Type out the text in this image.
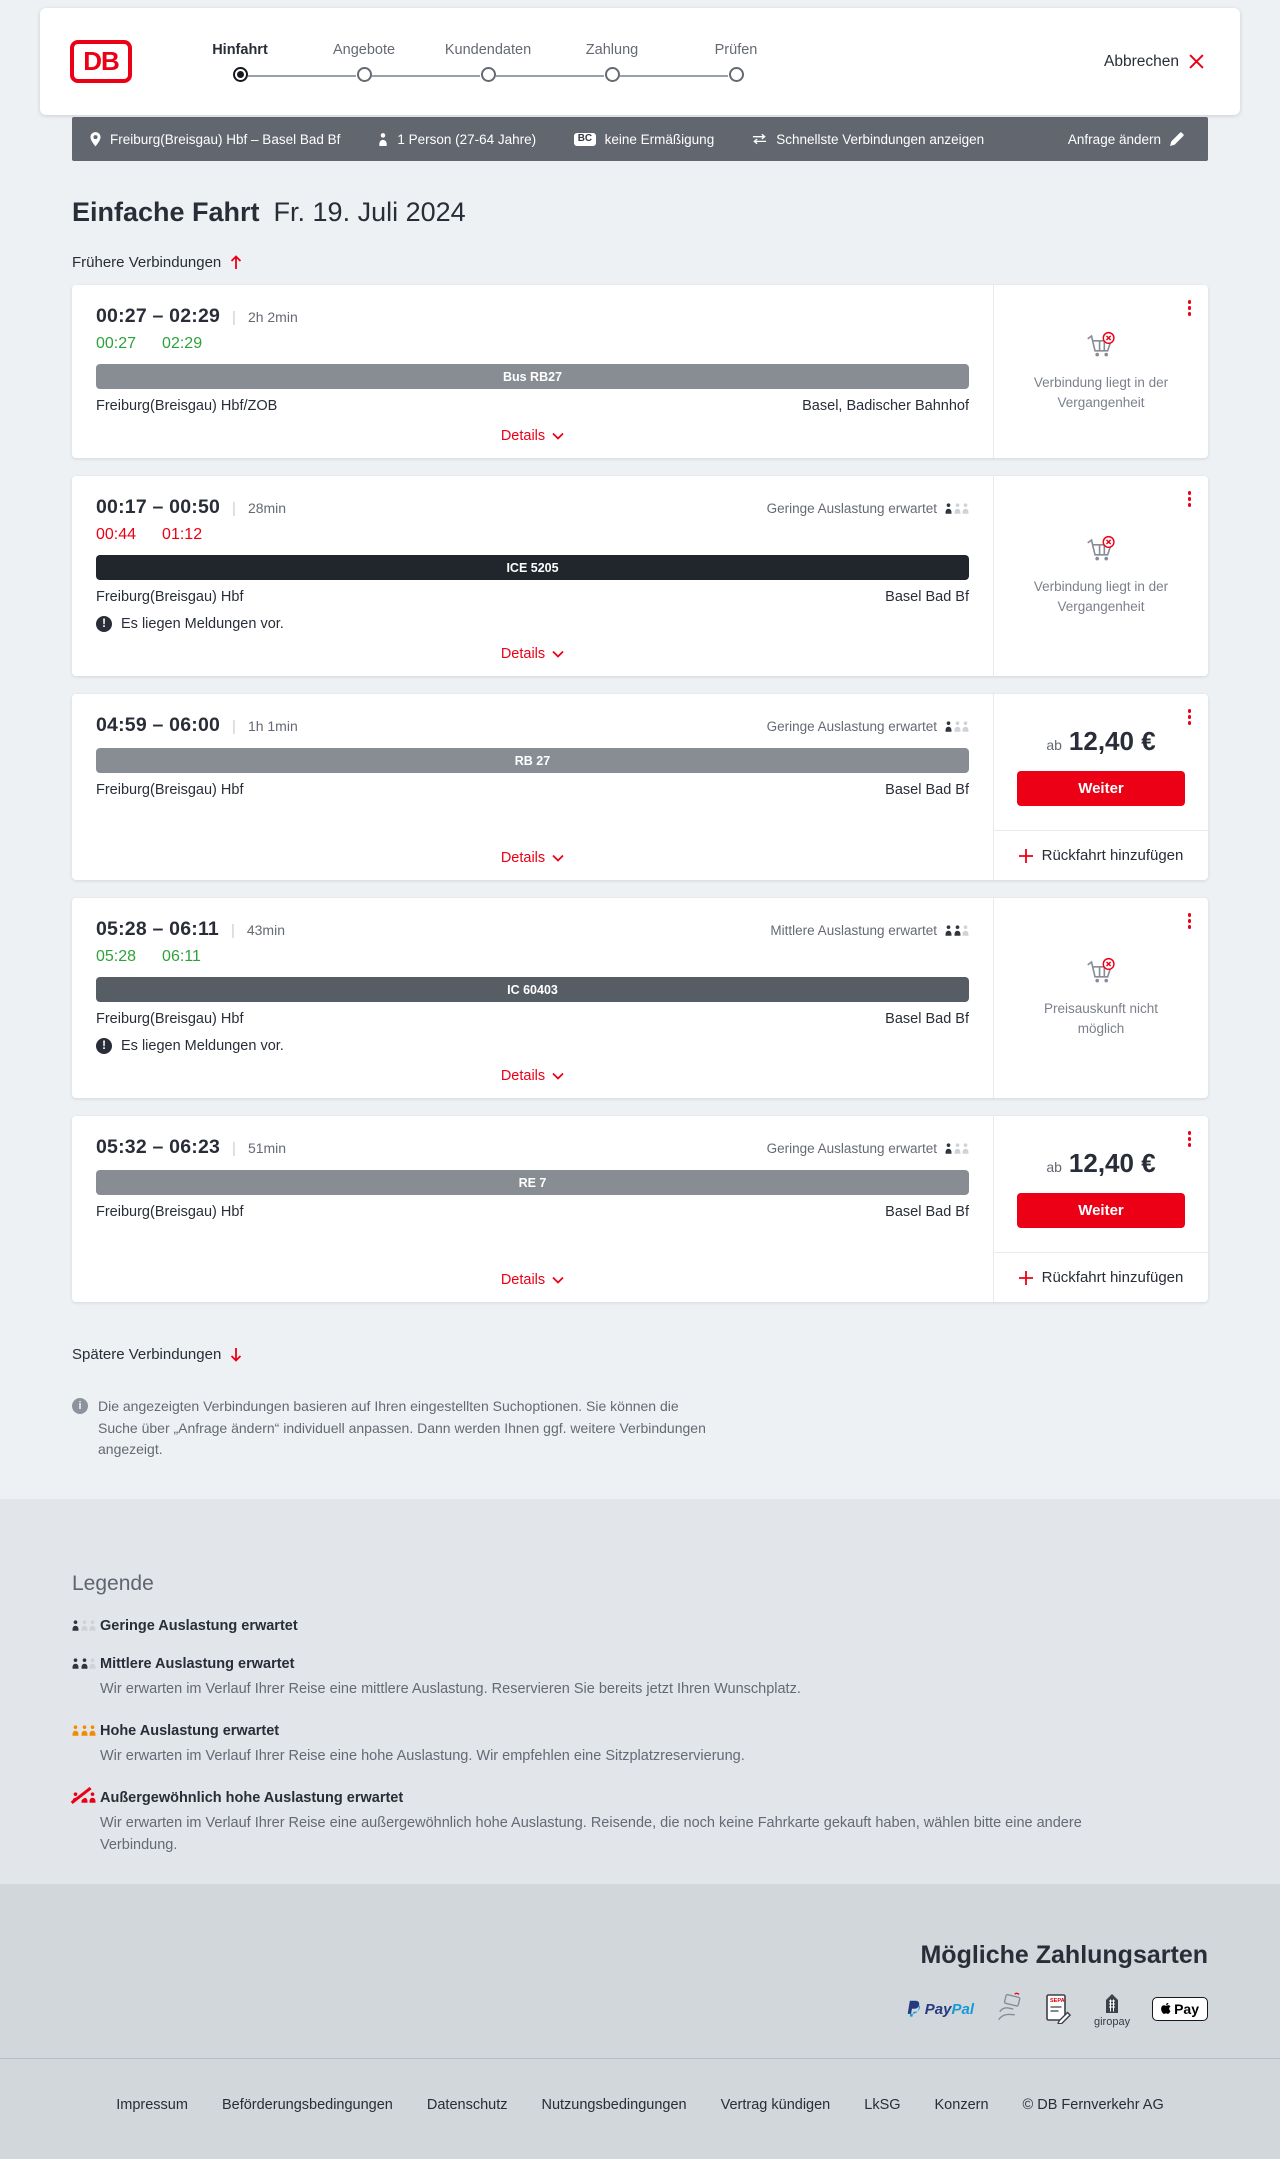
DB	Hinfahrt	Angebote	Kundendaten	Zahlung	Prüfen
Abbrechen
Freiburg(Breisgau) Hbf – Basel Bad Bf	1 Person (27-64 Jahre)	BC keine Ermäßigung	Schnellste Verbindungen anzeigen	Anfrage ändern
Einfache Fahrt Fr. 19. Juli 2024
Frühere Verbindungen
00:27 – 02:29 | 2h 2min
00:27 02:29
Bus RB27
Freiburg(Breisgau) Hbf/ZOB	Basel, Badischer Bahnhof
Details
Verbindung liegt in der Vergangenheit
00:17 – 00:50 | 28min	Geringe Auslastung erwartet
00:44 01:12
ICE 5205
Freiburg(Breisgau) Hbf	Basel Bad Bf
!
Es liegen Meldungen vor.
Details
Verbindung liegt in der Vergangenheit
04:59 – 06:00 | 1h 1min	Geringe Auslastung erwartet
RB 27
Freiburg(Breisgau) Hbf	Basel Bad Bf
Details
ab 12,40 €
Weiter
Rückfahrt hinzufügen
05:28 – 06:11 | 43min	Mittlere Auslastung erwartet
05:28 06:11
IC 60403
Freiburg(Breisgau) Hbf	Basel Bad Bf
!
Es liegen Meldungen vor.
Details
Preisauskunft nicht möglich
05:32 – 06:23 | 51min	Geringe Auslastung erwartet
RE 7
Freiburg(Breisgau) Hbf	Basel Bad Bf
Details
ab 12,40 €
Weiter
Rückfahrt hinzufügen
Spätere Verbindungen
i
Die angezeigten Verbindungen basieren auf Ihren eingestellten Suchoptionen. Sie können die Suche über „Anfrage ändern“ individuell anpassen. Dann werden Ihnen ggf. weitere Verbindungen angezeigt.
Legende
Geringe Auslastung erwartet
Mittlere Auslastung erwartet
Wir erwarten im Verlauf Ihrer Reise eine mittlere Auslastung. Reservieren Sie bereits jetzt Ihren Wunschplatz.
Hohe Auslastung erwartet
Wir erwarten im Verlauf Ihrer Reise eine hohe Auslastung. Wir empfehlen eine Sitzplatzreservierung.
Außergewöhnlich hohe Auslastung erwartet
Wir erwarten im Verlauf Ihrer Reise eine außergewöhnlich hohe Auslastung. Reisende, die noch keine Fahrkarte gekauft haben, wählen bitte eine andere Verbindung.
Mögliche Zahlungsarten
PayPal	SEPA
giropay
Pay
Impressum Beförderungsbedingungen Datenschutz Nutzungsbedingungen Vertrag kündigen LkSG Konzern © DB Fernverkehr AG
